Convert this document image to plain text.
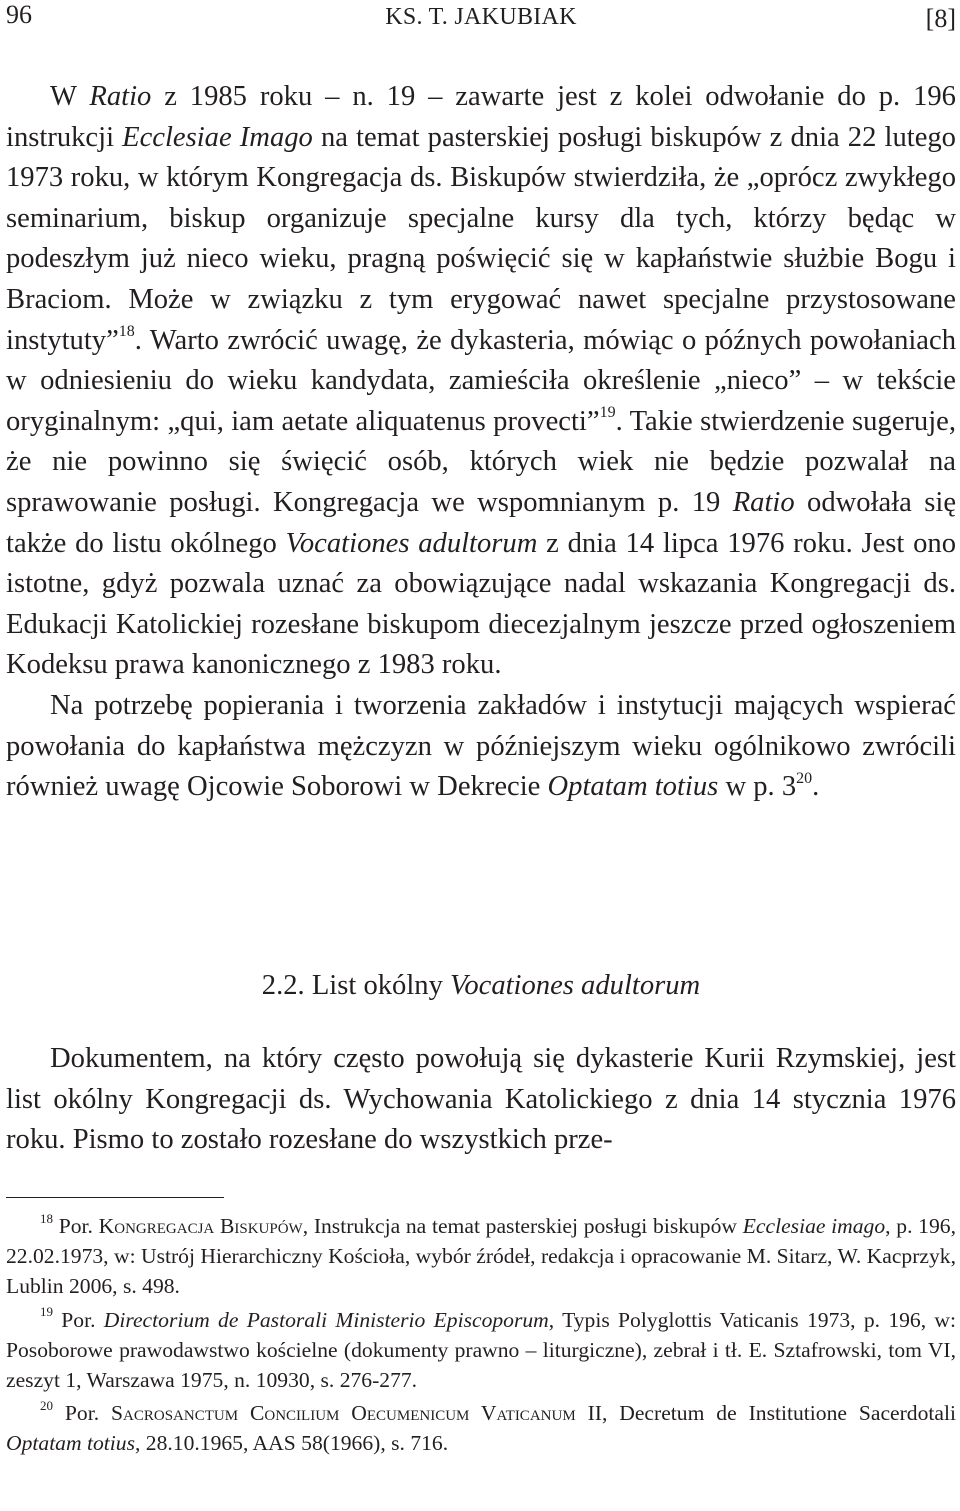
96	KS. T. JAKUBIAK	[8]

W Ratio z 1985 roku – n. 19 – zawarte jest z kolei odwołanie do p. 196 instrukcji Ecclesiae Imago na temat pasterskiej posługi biskupów z dnia 22 lutego 1973 roku, w którym Kongregacja ds. Biskupów stwierdziła, że „oprócz zwykłego seminarium, biskup organizuje specjalne kursy dla tych, którzy będąc w podeszłym już nieco wieku, pragną poświęcić się w kapłaństwie służbie Bogu i Braciom. Może w związku z tym erygować nawet specjalne przystosowane instytuty”$^{18}$. Warto zwrócić uwagę, że dykasteria, mówiąc o późnych powołaniach w odniesieniu do wieku kandydata, zamieściła określenie „nieco” – w tekście oryginalnym: „qui, iam aetate aliquatenus provecti”$^{19}$. Takie stwierdzenie sugeruje, że nie powinno się święcić osób, których wiek nie będzie pozwalał na sprawowanie posługi. Kongregacja we wspomnianym p. 19 Ratio odwołała się także do listu okólnego Vocationes adultorum z dnia 14 lipca 1976 roku. Jest ono istotne, gdyż pozwala uznać za obowiązujące nadal wskazania Kongregacji ds. Edukacji Katolickiej rozesłane biskupom diecezjalnym jeszcze przed ogłoszeniem Kodeksu prawa kanonicznego z 1983 roku.

Na potrzebę popierania i tworzenia zakładów i instytucji mających wspierać powołania do kapłaństwa mężczyzn w późniejszym wieku ogólnikowo zwrócili również uwagę Ojcowie Soborowi w Dekrecie Optatam totius w p. $3^{20}$.

2.2. List okólny Vocationes adultorum

Dokumentem, na który często powołują się dykasterie Kurii Rzymskiej, jest list okólny Kongregacji ds. Wychowania Katolickiego z dnia 14 stycznia 1976 roku. Pismo to zostało rozesłane do wszystkich prze-

$^{18}$ Por. Kongregacja Biskupów, Instrukcja na temat pasterskiej posługi biskupów Ecclesiae imago, p. 196, 22.02.1973, w: Ustrój Hierarchiczny Kościoła, wybór źródeł, redakcja i opracowanie M. Sitarz, W. Kacprzyk, Lublin 2006, s. 498.

$^{19}$ Por. Directorium de Pastorali Ministerio Episcoporum, Typis Polyglottis Vaticanis 1973, p. 196, w: Posoborowe prawodawstwo kościelne (dokumenty prawno – liturgiczne), zebrał i tł. E. Sztafrowski, tom VI, zeszyt 1, Warszawa 1975, n. 10930, s. 276-277.

$^{20}$ Por. Sacrosanctum Concilium Oecumenicum Vaticanum II, Decretum de Institutione Sacerdotali Optatam totius, 28.10.1965, AAS 58(1966), s. 716.
